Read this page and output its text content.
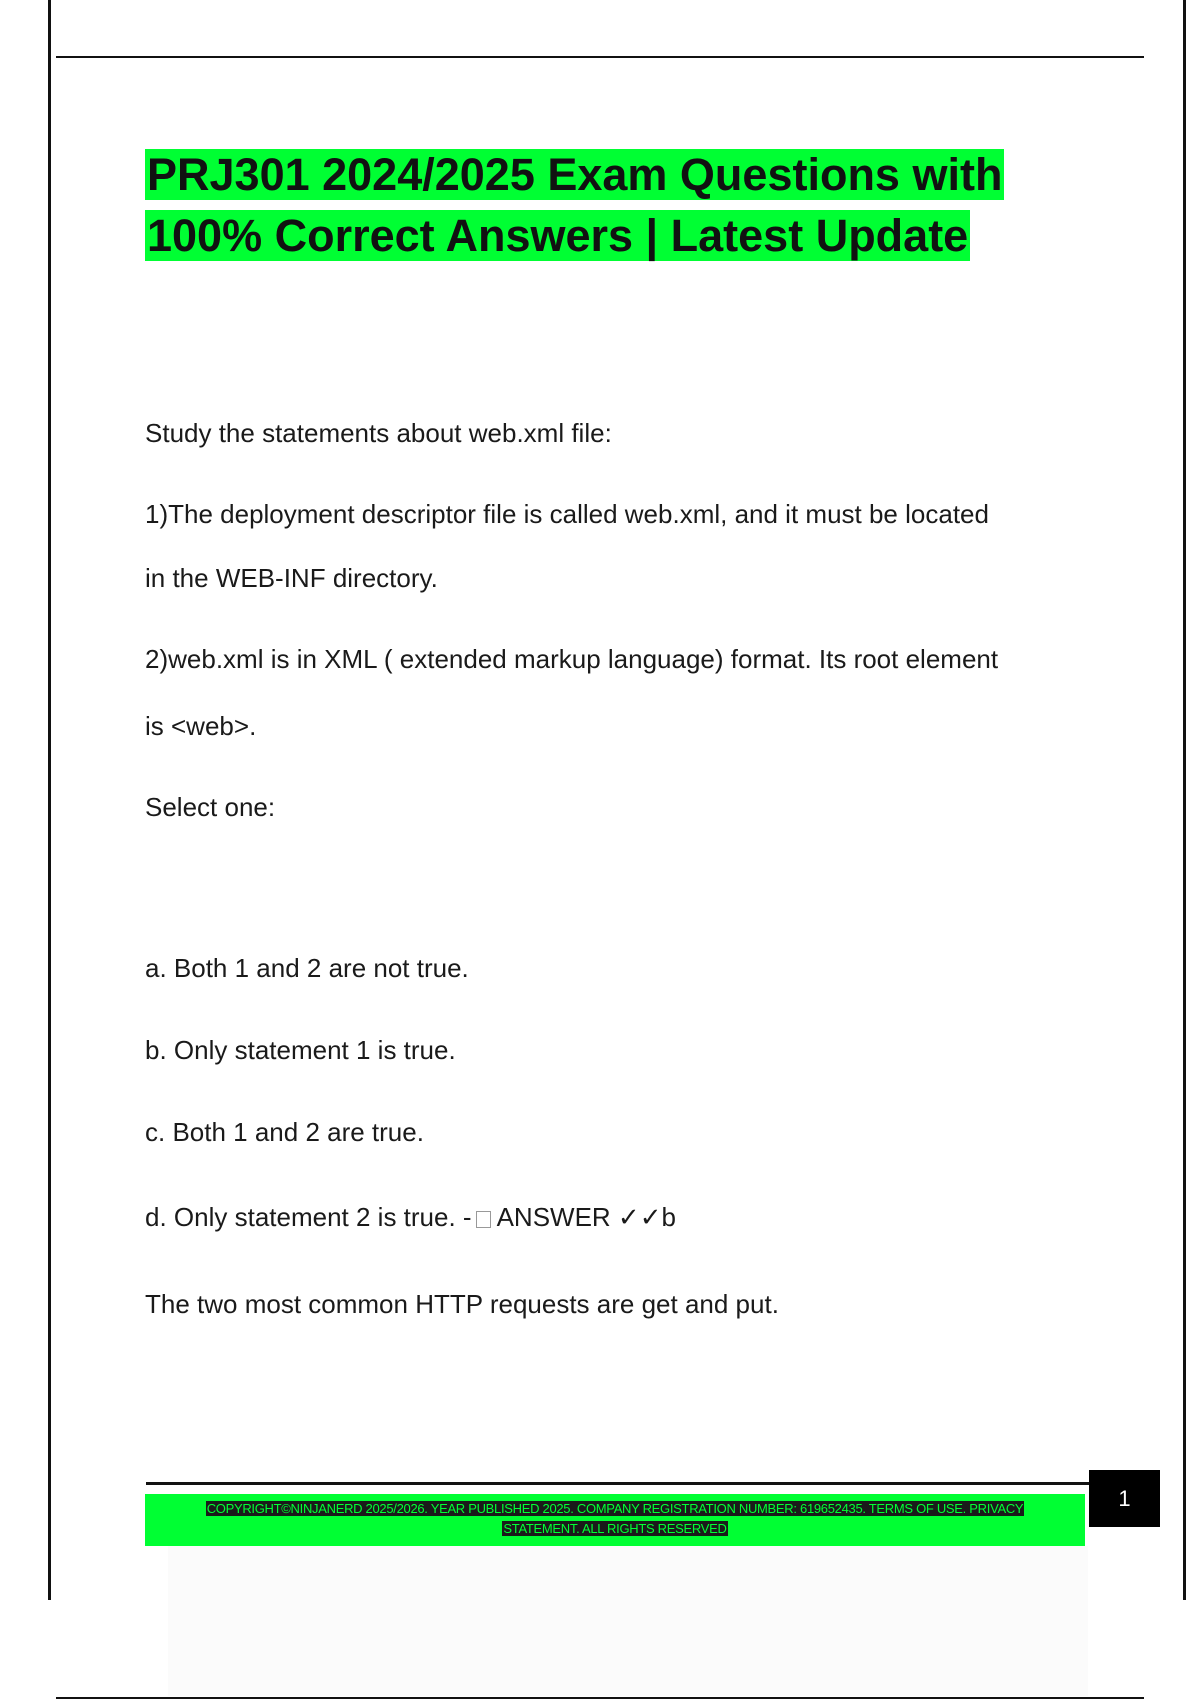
PRJ301 2024/2025 Exam Questions with
100% Correct Answers | Latest Update

Study the statements about web.xml file:

1)The deployment descriptor file is called web.xml, and it must be located

in the WEB-INF directory.

2)web.xml is in XML ( extended markup language) format. Its root element

is <web>.

Select one:

a. Both 1 and 2 are not true.

b. Only statement 1 is true.

c. Both 1 and 2 are true.

d. Only statement 2 is true. - ANSWER ✓✓b

The two most common HTTP requests are get and put.

COPYRIGHT©NINJANERD 2025/2026. YEAR PUBLISHED 2025. COMPANY REGISTRATION NUMBER: 619652435. TERMS OF USE. PRIVACY
STATEMENT. ALL RIGHTS RESERVED
1
